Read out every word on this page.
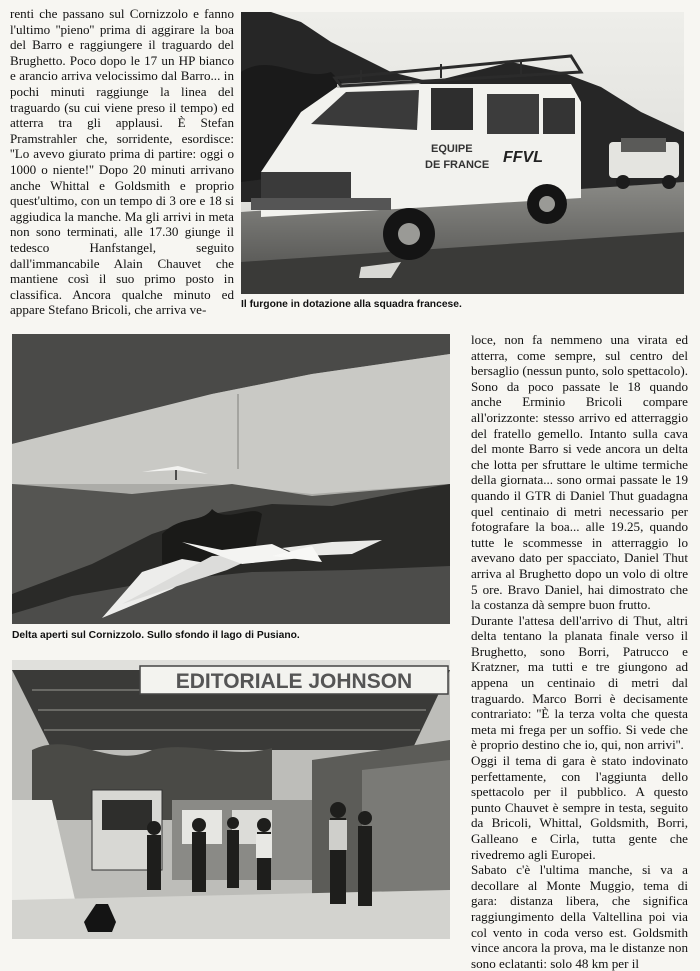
renti che passano sul Cornizzolo e fanno l'ultimo ''pieno'' prima di aggirare la boa del Barro e raggiungere il traguardo del Brughetto. Poco dopo le 17 un HP bianco e arancio arriva velocissimo dal Barro... in pochi minuti raggiunge la linea del traguardo (su cui viene preso il tempo) ed atterra tra gli applausi. È Stefan Pramstrahler che, sorridente, esordisce: ''Lo avevo giurato prima di partire: oggi o 1000 o niente!'' Dopo 20 minuti arrivano anche Whittal e Goldsmith e proprio quest'ultimo, con un tempo di 3 ore e 18 si aggiudica la manche. Ma gli arrivi in meta non sono terminati, alle 17.30 giunge il tedesco Hanfstangel, seguito dall'immancabile Alain Chauvet che mantiene così il suo primo posto in classifica. Ancora qualche minuto ed appare Stefano Bricoli, che arriva ve-

EQUIPE
DE FRANCE FFVL
Il furgone in dotazione alla squadra francese.
Delta aperti sul Cornizzolo. Sullo sfondo il lago di Pusiano.
EDITORIALE JOHNSON

loce, non fa nemmeno una virata ed atterra, come sempre, sul centro del bersaglio (nessun punto, solo spettacolo). Sono da poco passate le 18 quando anche Erminio Bricoli compare all'orizzonte: stesso arrivo ed atterraggio del fratello gemello. Intanto sulla cava del monte Barro si vede ancora un delta che lotta per sfruttare le ultime termiche della giornata... sono ormai passate le 19 quando il GTR di Daniel Thut guadagna quel centinaio di metri necessario per fotografare la boa... alle 19.25, quando tutte le scommesse in atterraggio lo avevano dato per spacciato, Daniel Thut arriva al Brughetto dopo un volo di oltre 5 ore. Bravo Daniel, hai dimostrato che la costanza dà sempre buon frutto.

Durante l'attesa dell'arrivo di Thut, altri delta tentano la planata finale verso il Brughetto, sono Borri, Patrucco e Kratzner, ma tutti e tre giungono ad appena un centinaio di metri dal traguardo. Marco Borri è decisamente contrariato: ''È la terza volta che questa meta mi frega per un soffio. Si vede che è proprio destino che io, qui, non arrivi''.

Oggi il tema di gara è stato indovinato perfettamente, con l'aggiunta dello spettacolo per il pubblico. A questo punto Chauvet è sempre in testa, seguito da Bricoli, Whittal, Goldsmith, Borri, Galleano e Cirla, tutta gente che rivedremo agli Europei.

Sabato c'è l'ultima manche, si va a decollare al Monte Muggio, tema di gara: distanza libera, che significa raggiungimento della Valtellina poi via col vento in coda verso est. Goldsmith vince ancora la prova, ma le distanze non sono eclatanti: solo 48 km per il
